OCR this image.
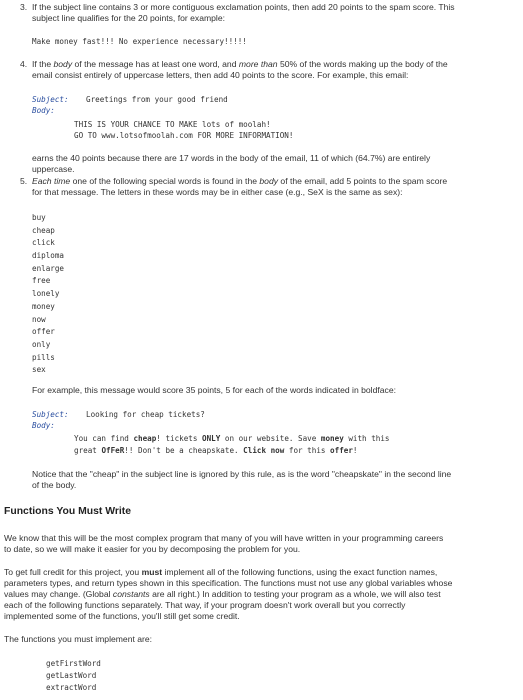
3. If the subject line contains 3 or more contiguous exclamation points, then add 20 points to the spam score. This
subject line qualifies for the 20 points, for example:
Make money fast!!! No experience necessary!!!!!
4. If the body of the message has at least one word, and more than 50% of the words making up the body of the
email consist entirely of uppercase letters, then add 40 points to the score. For example, this email:
Subject: Greetings from your good friend
Body:
THIS IS YOUR CHANCE TO MAKE lots of moolah!
GO TO www.lotsofmoolah.com FOR MORE INFORMATION!
earns the 40 points because there are 17 words in the body of the email, 11 of which (64.7%) are entirely
uppercase.
5. Each time one of the following special words is found in the body of the email, add 5 points to the spam score
for that message. The letters in these words may be in either case (e.g., SeX is the same as sex):
buy
cheap
click
diploma
enlarge
free
lonely
money
now
offer
only
pills
sex
For example, this message would score 35 points, 5 for each of the words indicated in boldface:
Subject: Looking for cheap tickets?
Body:
You can find cheap! tickets ONLY on our website. Save money with this
great OfFeR!! Don't be a cheapskate. Click now for this offer!
Notice that the "cheap" in the subject line is ignored by this rule, as is the word "cheapskate" in the second line
of the body.
Functions You Must Write
We know that this will be the most complex program that many of you will have written in your programming careers
to date, so we will make it easier for you by decomposing the problem for you.
To get full credit for this project, you must implement all of the following functions, using the exact function names,
parameters types, and return types shown in this specification. The functions must not use any global variables whose
values may change. (Global constants are all right.) In addition to testing your program as a whole, we will also test
each of the following functions separately. That way, if your program doesn't work overall but you correctly
implemented some of the functions, you'll still get some credit.
The functions you must implement are:
getFirstWord
getLastWord
extractWord
